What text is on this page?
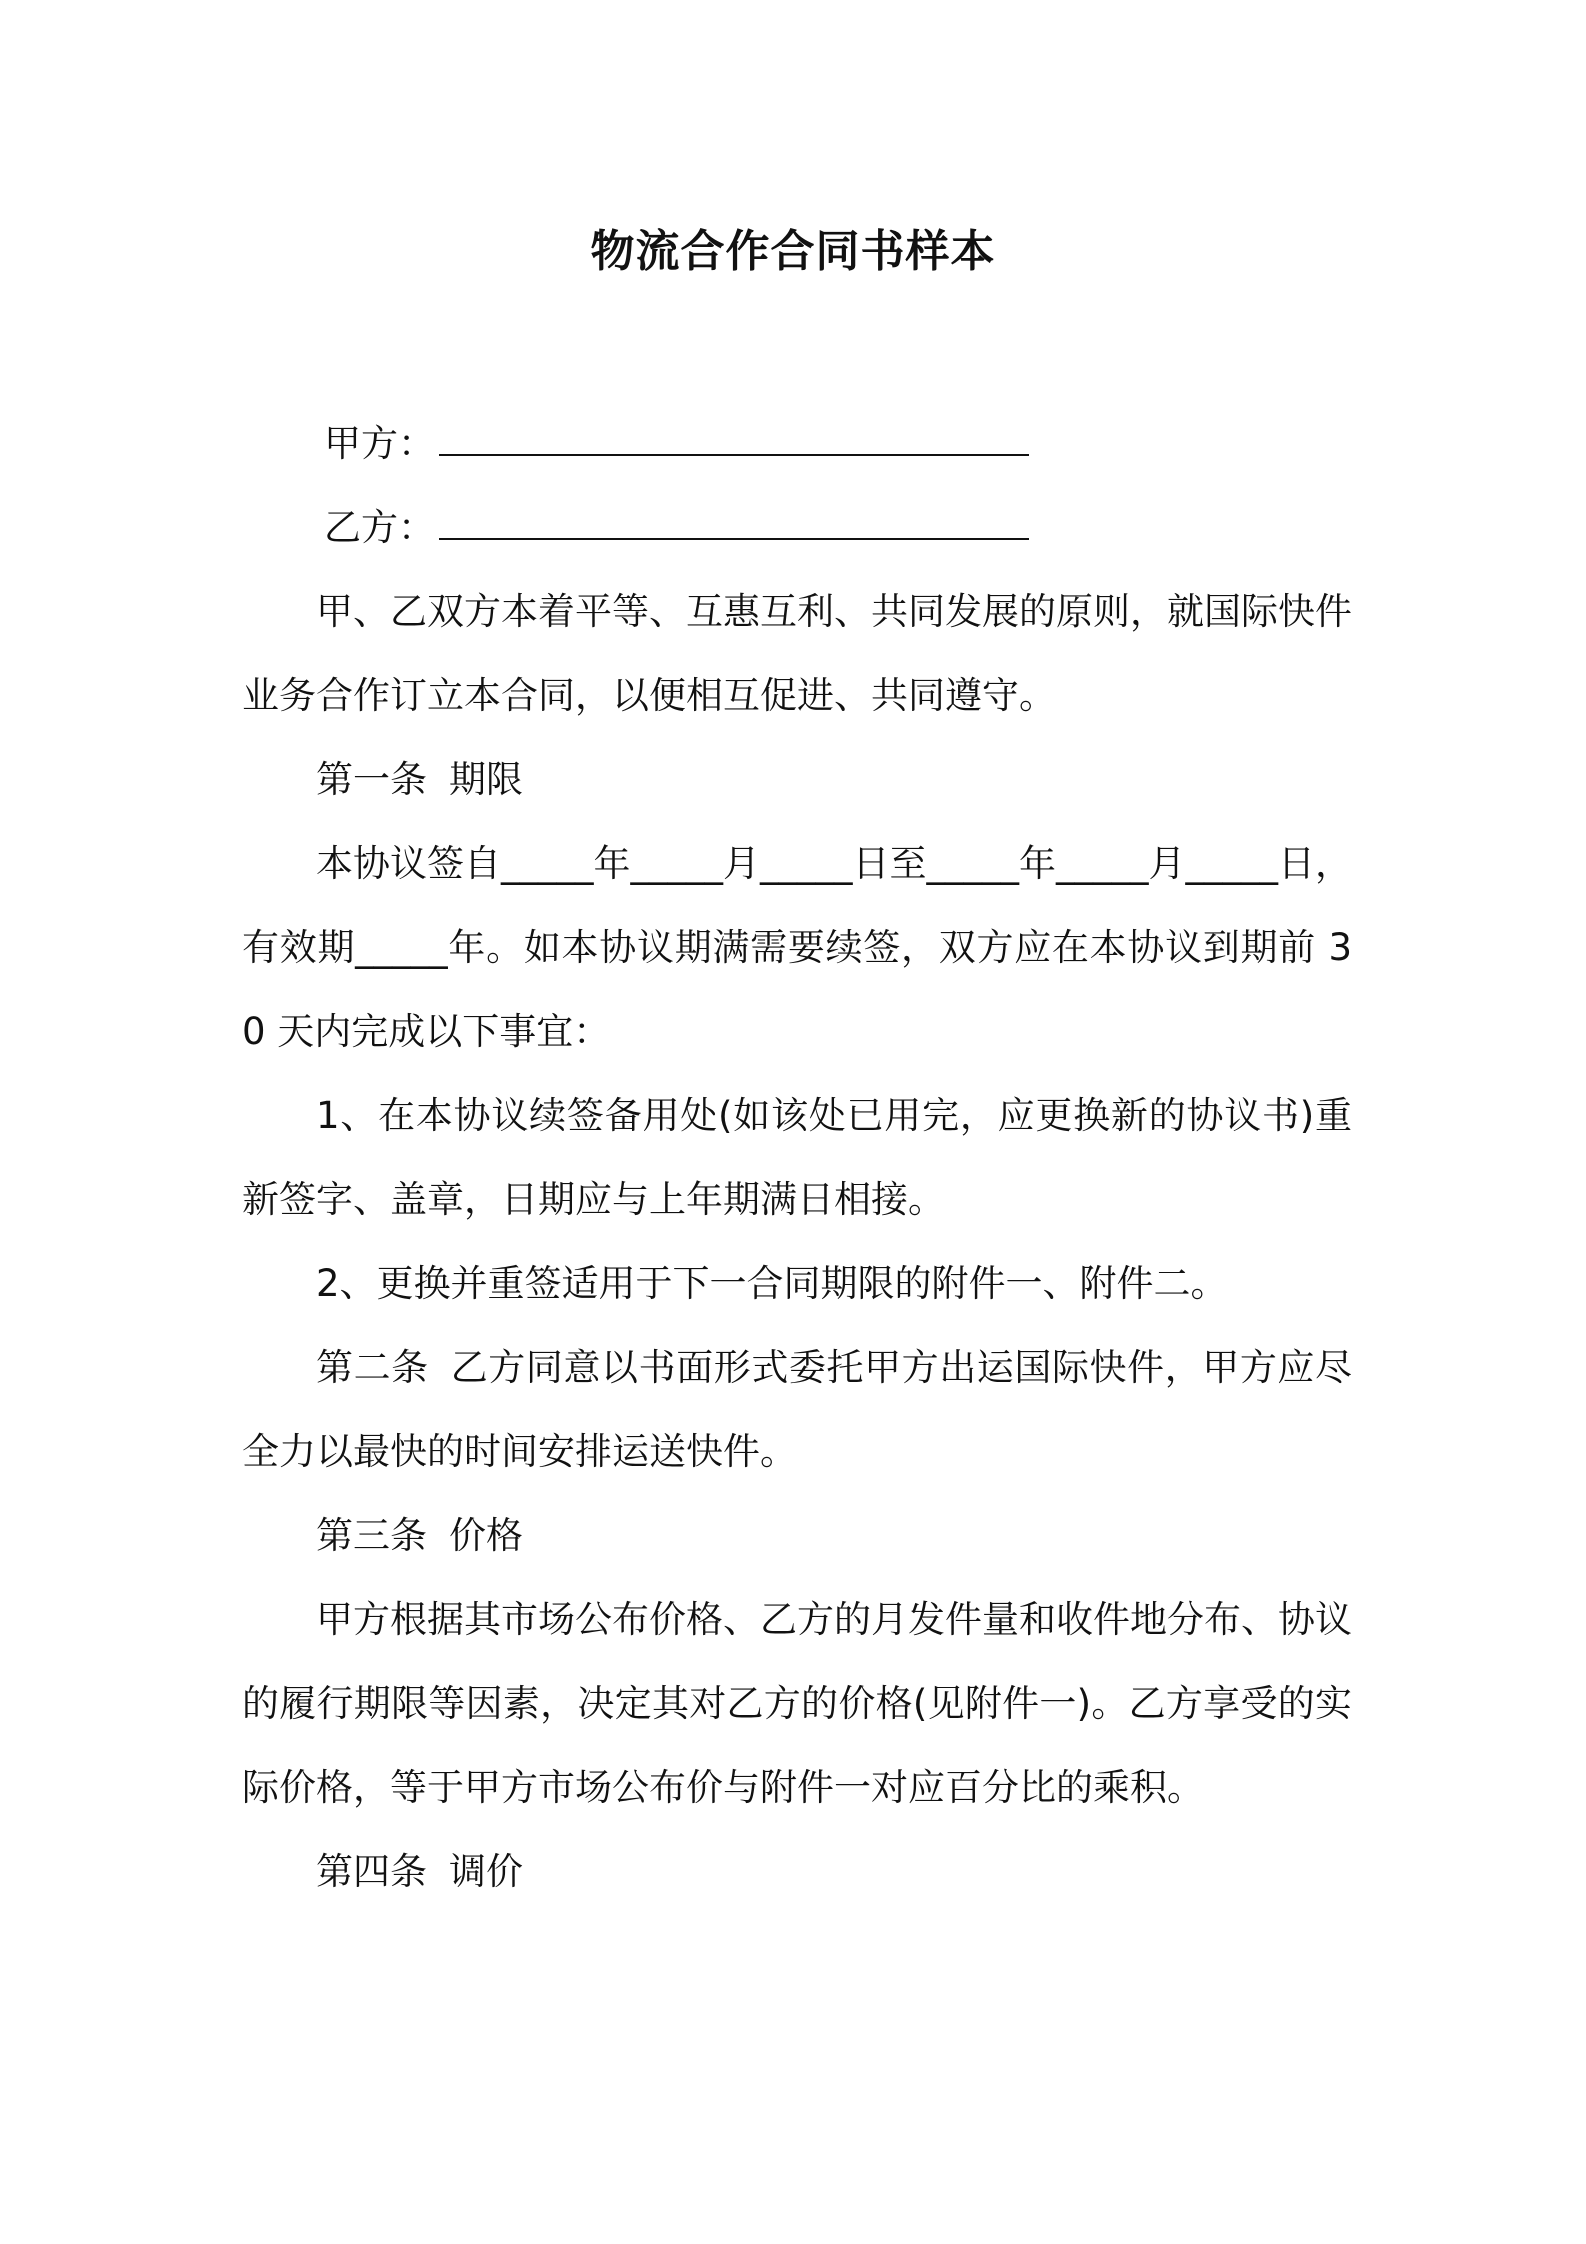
物流合作合同书样本
甲方：
乙方：

甲、乙双方本着平等、互惠互利、共同发展的原则，就国际快件业务合作订立本合同，以便相互促进、共同遵守。

第一条 期限

本协议签自_____年_____月_____日至_____年_____月_____日，有效期_____年。如本协议期满需要续签，双方应在本协议到期前 30 天内完成以下事宜：

1、在本协议续签备用处(如该处已用完，应更换新的协议书)重新签字、盖章，日期应与上年期满日相接。

2、更换并重签适用于下一合同期限的附件一、附件二。

第二条 乙方同意以书面形式委托甲方出运国际快件，甲方应尽全力以最快的时间安排运送快件。

第三条 价格

甲方根据其市场公布价格、乙方的月发件量和收件地分布、协议的履行期限等因素，决定其对乙方的价格(见附件一)。乙方享受的实际价格，等于甲方市场公布价与附件一对应百分比的乘积。

第四条 调价
